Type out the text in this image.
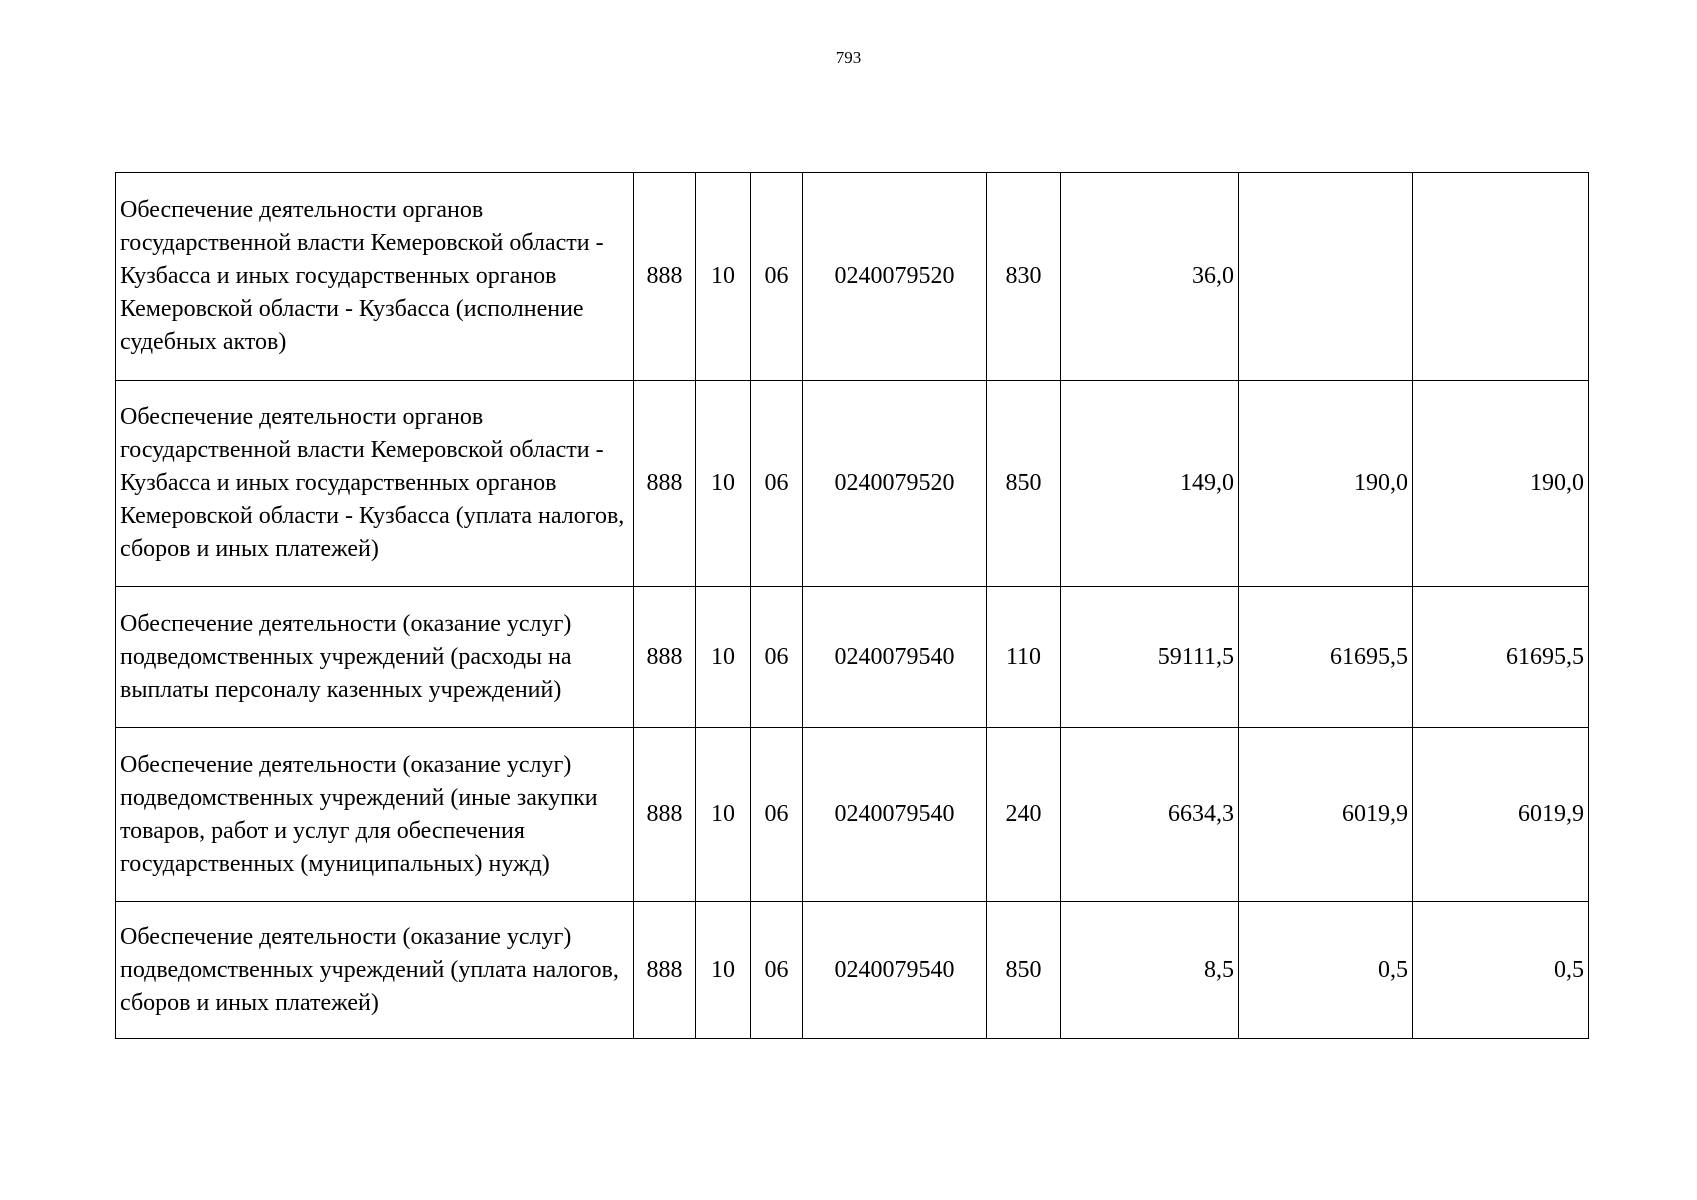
793
Обеспечение деятельности органов государственной власти Кемеровской области - Кузбасса и иных государственных органов Кемеровской области - Кузбасса (исполнение судебных актов)	888	10	06	0240079520	830	36,0		
Обеспечение деятельности органов государственной власти Кемеровской области - Кузбасса и иных государственных органов Кемеровской области - Кузбасса (уплата налогов, сборов и иных платежей)	888	10	06	0240079520	850	149,0	190,0	190,0
Обеспечение деятельности (оказание услуг) подведомственных учреждений (расходы на выплаты персоналу казенных учреждений)	888	10	06	0240079540	110	59111,5	61695,5	61695,5
Обеспечение деятельности (оказание услуг) подведомственных учреждений (иные закупки товаров, работ и услуг для обеспечения государственных (муниципальных) нужд)	888	10	06	0240079540	240	6634,3	6019,9	6019,9
Обеспечение деятельности (оказание услуг) подведомственных учреждений (уплата налогов, сборов и иных платежей)	888	10	06	0240079540	850	8,5	0,5	0,5
